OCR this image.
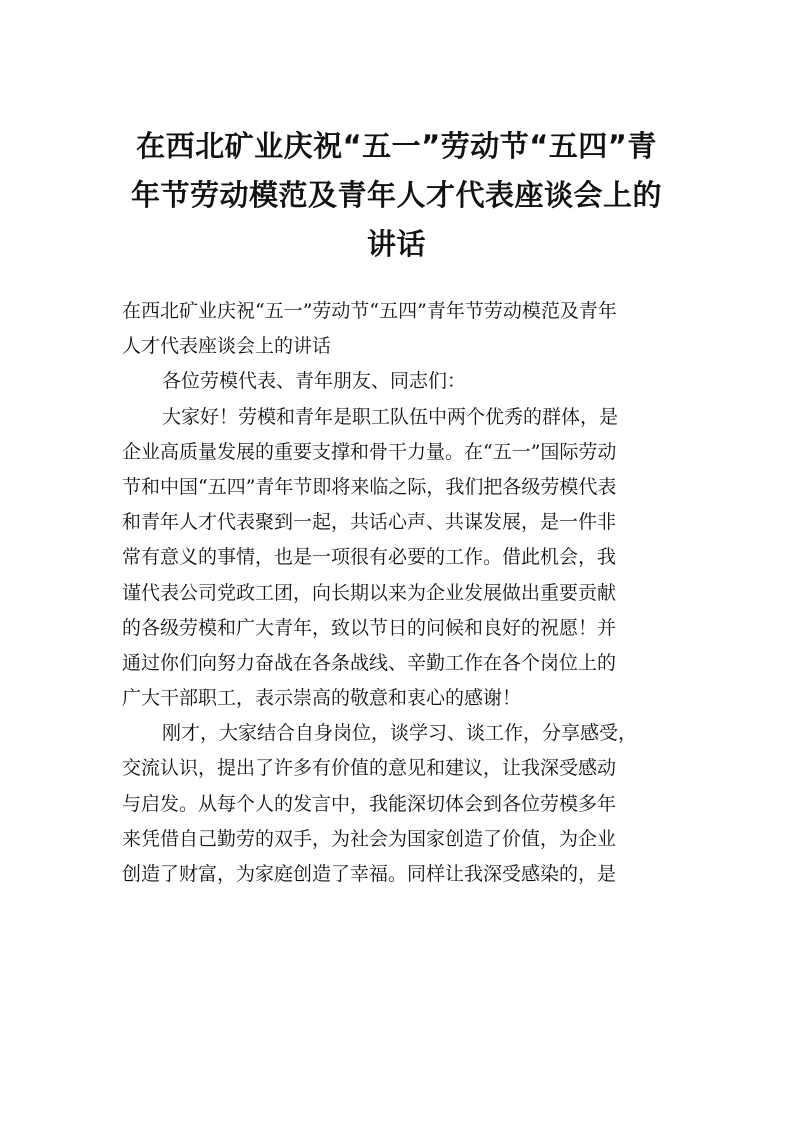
在西北矿业庆祝“五一”劳动节“五四”青
年节劳动模范及青年人才代表座谈会上的
讲话
在西北矿业庆祝“五一”劳动节“五四”青年节劳动模范及青年
人才代表座谈会上的讲话
各位劳模代表、青年朋友、同志们：
大家好！劳模和青年是职工队伍中两个优秀的群体，是
企业高质量发展的重要支撑和骨干力量。在“五一”国际劳动
节和中国“五四”青年节即将来临之际，我们把各级劳模代表
和青年人才代表聚到一起，共话心声、共谋发展，是一件非
常有意义的事情，也是一项很有必要的工作。借此机会，我
谨代表公司党政工团，向长期以来为企业发展做出重要贡献
的各级劳模和广大青年，致以节日的问候和良好的祝愿！并
通过你们向努力奋战在各条战线、辛勤工作在各个岗位上的
广大干部职工，表示崇高的敬意和衷心的感谢！
刚才，大家结合自身岗位，谈学习、谈工作，分享感受，
交流认识，提出了许多有价值的意见和建议，让我深受感动
与启发。从每个人的发言中，我能深切体会到各位劳模多年
来凭借自己勤劳的双手，为社会为国家创造了价值，为企业
创造了财富，为家庭创造了幸福。同样让我深受感染的，是
